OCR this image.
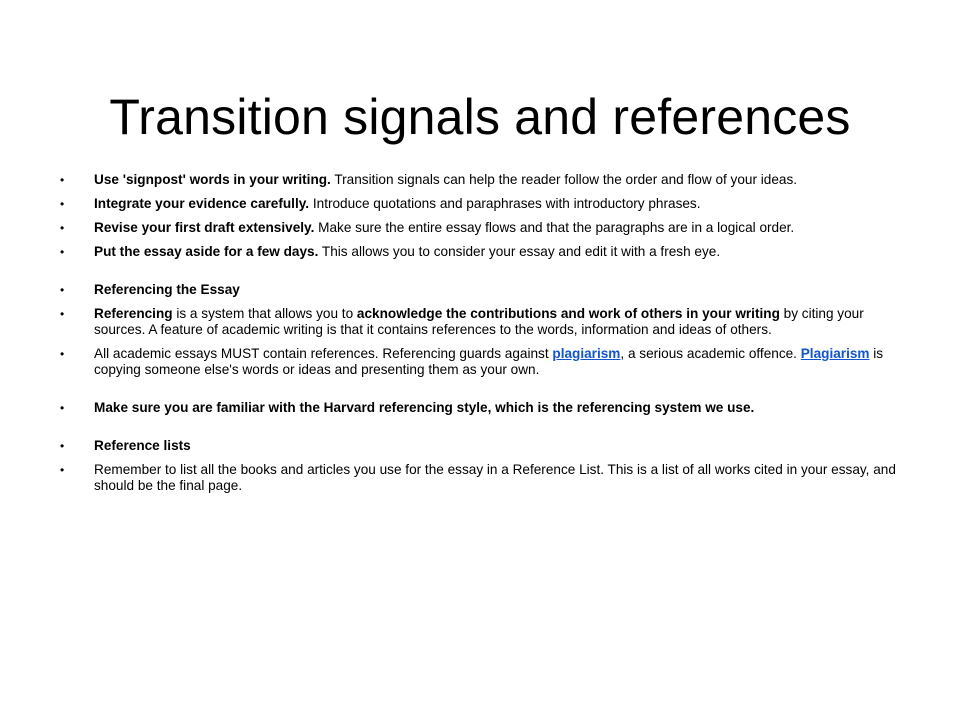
Transition signals and references
• Use 'signpost' words in your writing. Transition signals can help the reader follow the order and flow of your ideas.
• Integrate your evidence carefully. Introduce quotations and paraphrases with introductory phrases.
• Revise your first draft extensively. Make sure the entire essay flows and that the paragraphs are in a logical order.
• Put the essay aside for a few days. This allows you to consider your essay and edit it with a fresh eye.
• Referencing the Essay
• Referencing is a system that allows you to acknowledge the contributions and work of others in your writing by citing your sources. A feature of academic writing is that it contains references to the words, information and ideas of others.
• All academic essays MUST contain references. Referencing guards against plagiarism, a serious academic offence. Plagiarism is copying someone else's words or ideas and presenting them as your own.
• Make sure you are familiar with the Harvard referencing style, which is the referencing system we use.
• Reference lists
• Remember to list all the books and articles you use for the essay in a Reference List. This is a list of all works cited in your essay, and should be the final page.
